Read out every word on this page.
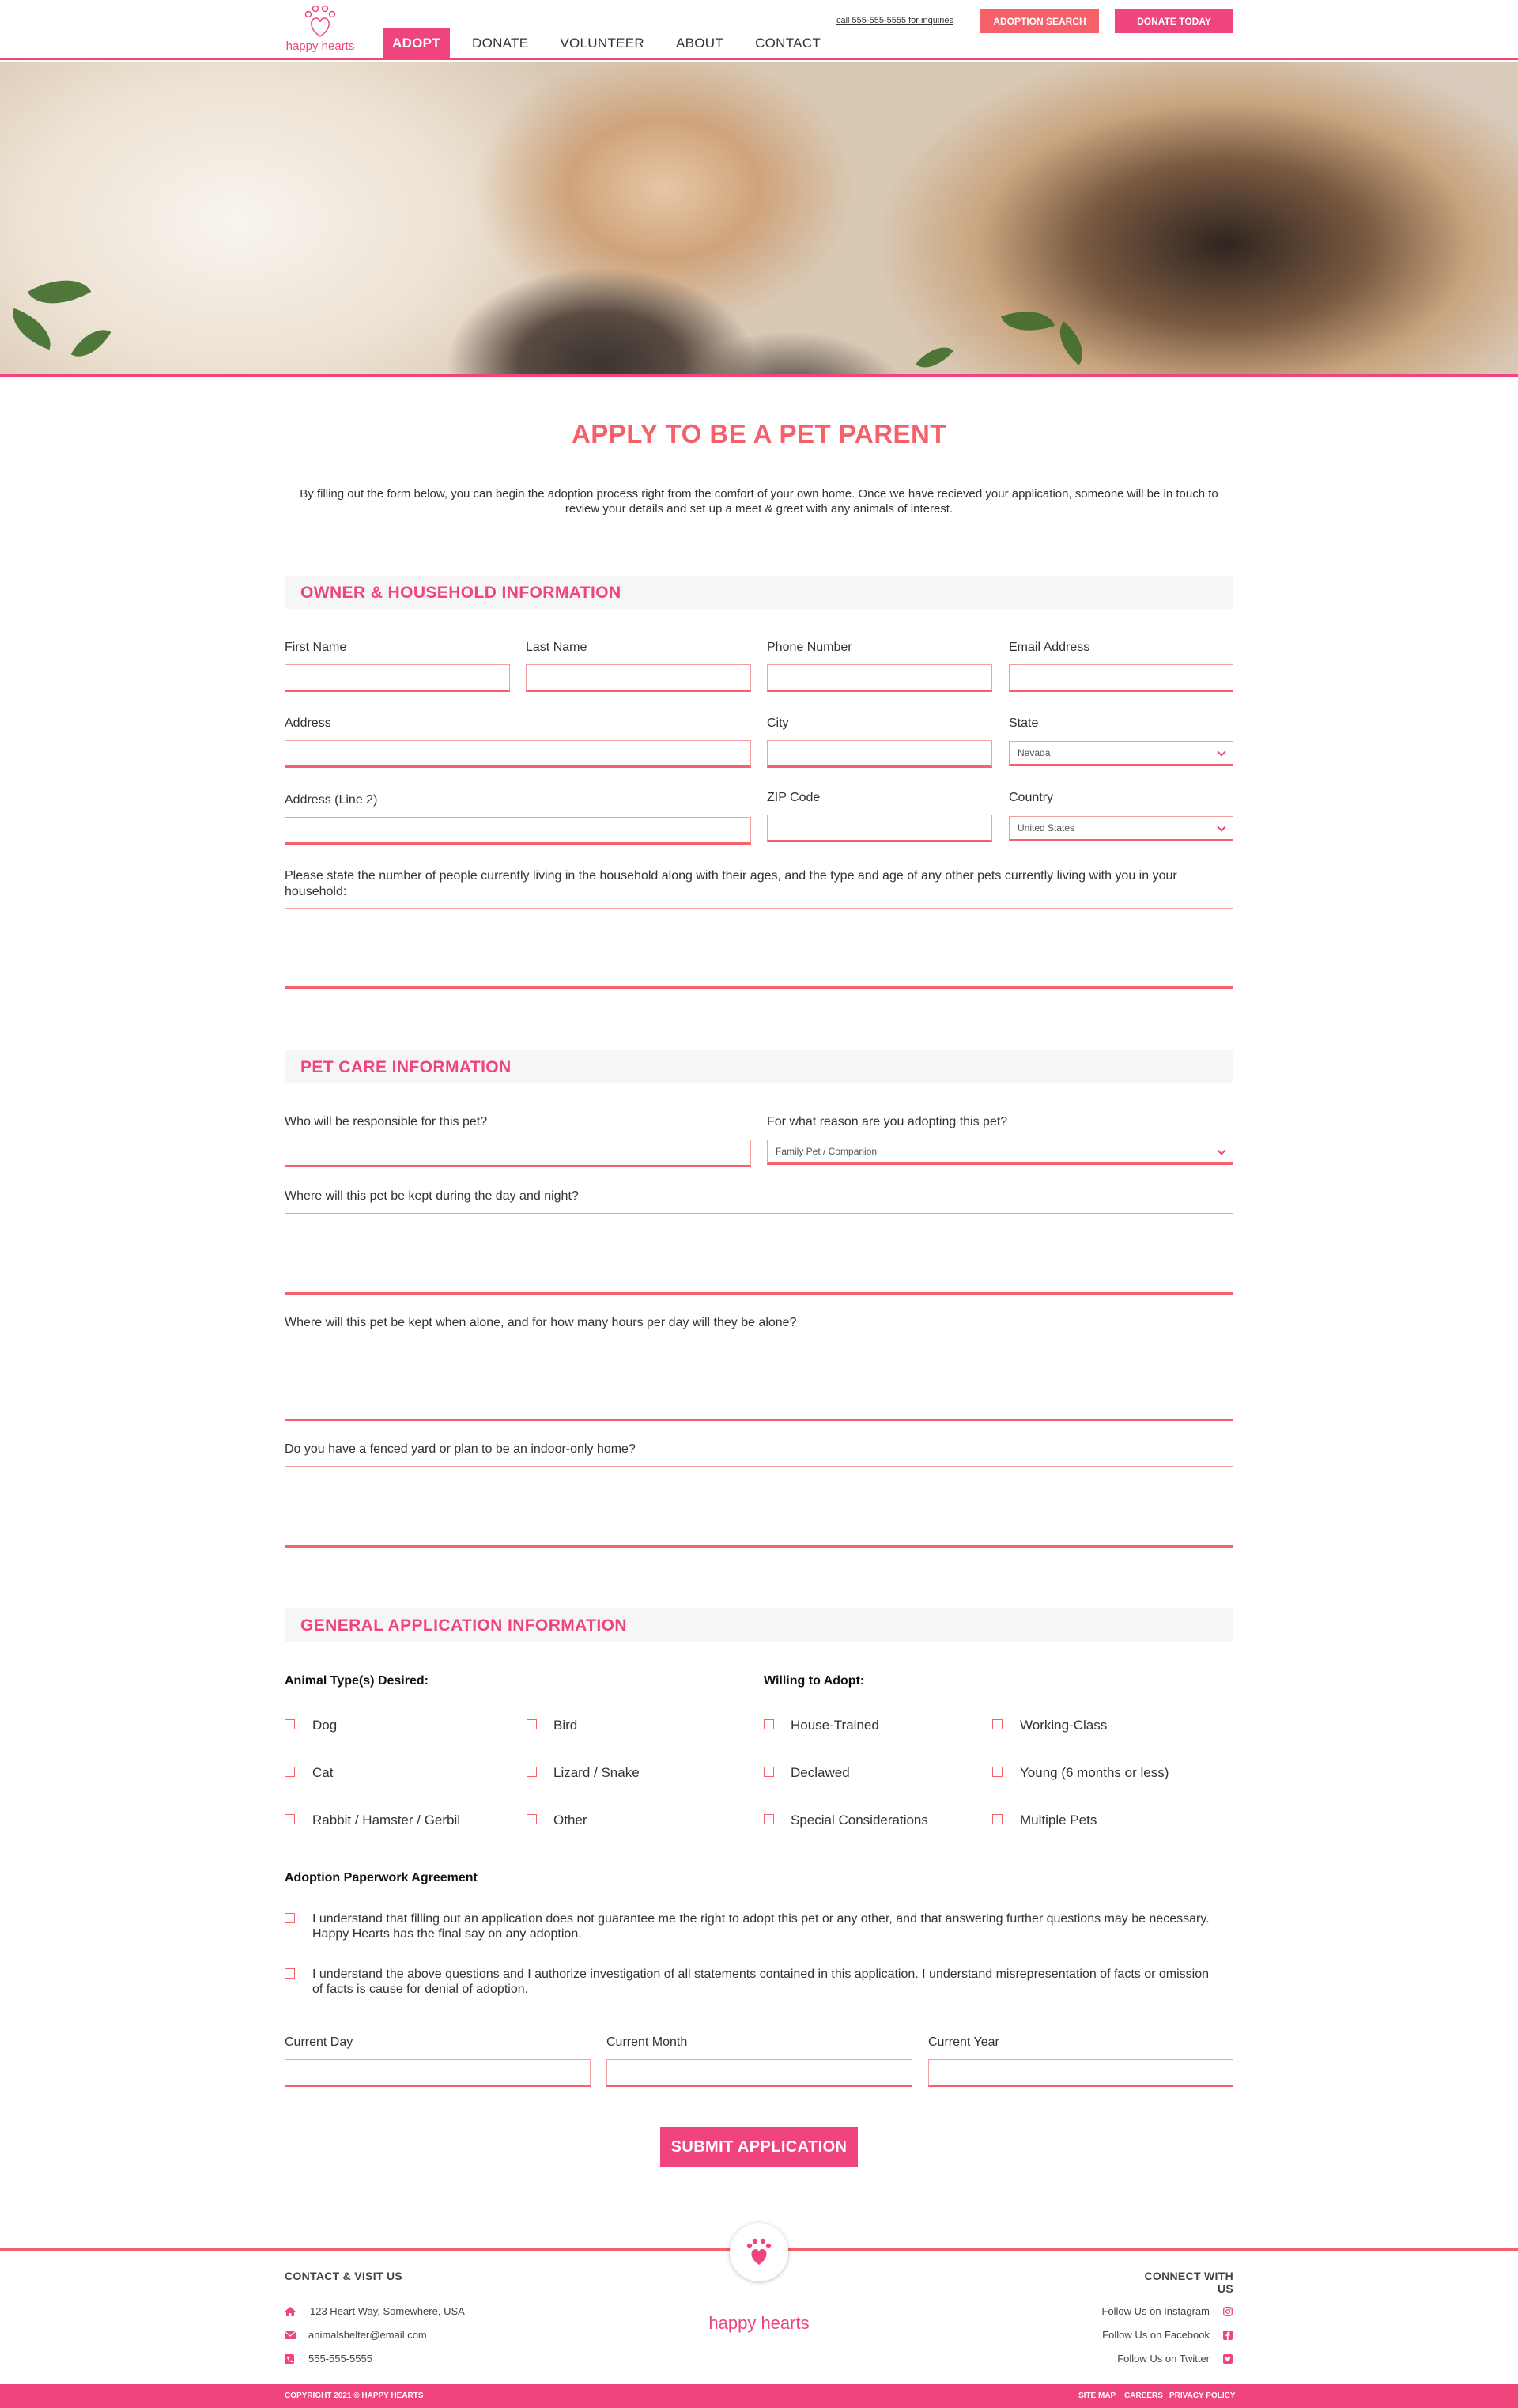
happy hearts	ADOPT	DONATE	VOLUNTEER	ABOUT	CONTACT
call 555-555-5555 for inquiries	ADOPTION SEARCH	DONATE TODAY
APPLY TO BE A PET PARENT
By filling out the form below, you can begin the adoption process right from the comfort of your own home. Once we have recieved your application, someone will be in touch to review your details and set up a meet & greet with any animals of interest.
OWNER & HOUSEHOLD INFORMATION
First Name	Last Name	Phone Number	Email Address
Address	City	State
Nevada
Address (Line 2)	ZIP Code	Country
United States
Please state the number of people currently living in the household along with their ages, and the type and age of any other pets currently living with you in your household:
PET CARE INFORMATION
Who will be responsible for this pet?	For what reason are you adopting this pet?
Family Pet / Companion
Where will this pet be kept during the day and night?
Where will this pet be kept when alone, and for how many hours per day will they be alone?
Do you have a fenced yard or plan to be an indoor-only home?
GENERAL APPLICATION INFORMATION
Animal Type(s) Desired:	Willing to Adopt:
Dog	Bird
Cat	Lizard / Snake
Rabbit / Hamster / Gerbil	Other
House-Trained	Working-Class
Declawed	Young (6 months or less)
Special Considerations	Multiple Pets
Adoption Paperwork Agreement
I understand that filling out an application does not guarantee me the right to adopt this pet or any other, and that answering further questions may be necessary. Happy Hearts has the final say on any adoption.
I understand the above questions and I authorize investigation of all statements contained in this application. I understand misrepresentation of facts or omission of facts is cause for denial of adoption.
Current Day	Current Month	Current Year
SUBMIT APPLICATION
CONTACT & VISIT US	CONNECT WITH US
123 Heart Way, Somewhere, USA
animalshelter@email.com
555-555-5555
happy hearts
Follow Us on Instagram
Follow Us on Facebook
Follow Us on Twitter
COPYRIGHT 2021 © HAPPY HEARTS	SITE MAP CAREERS PRIVACY POLICY
